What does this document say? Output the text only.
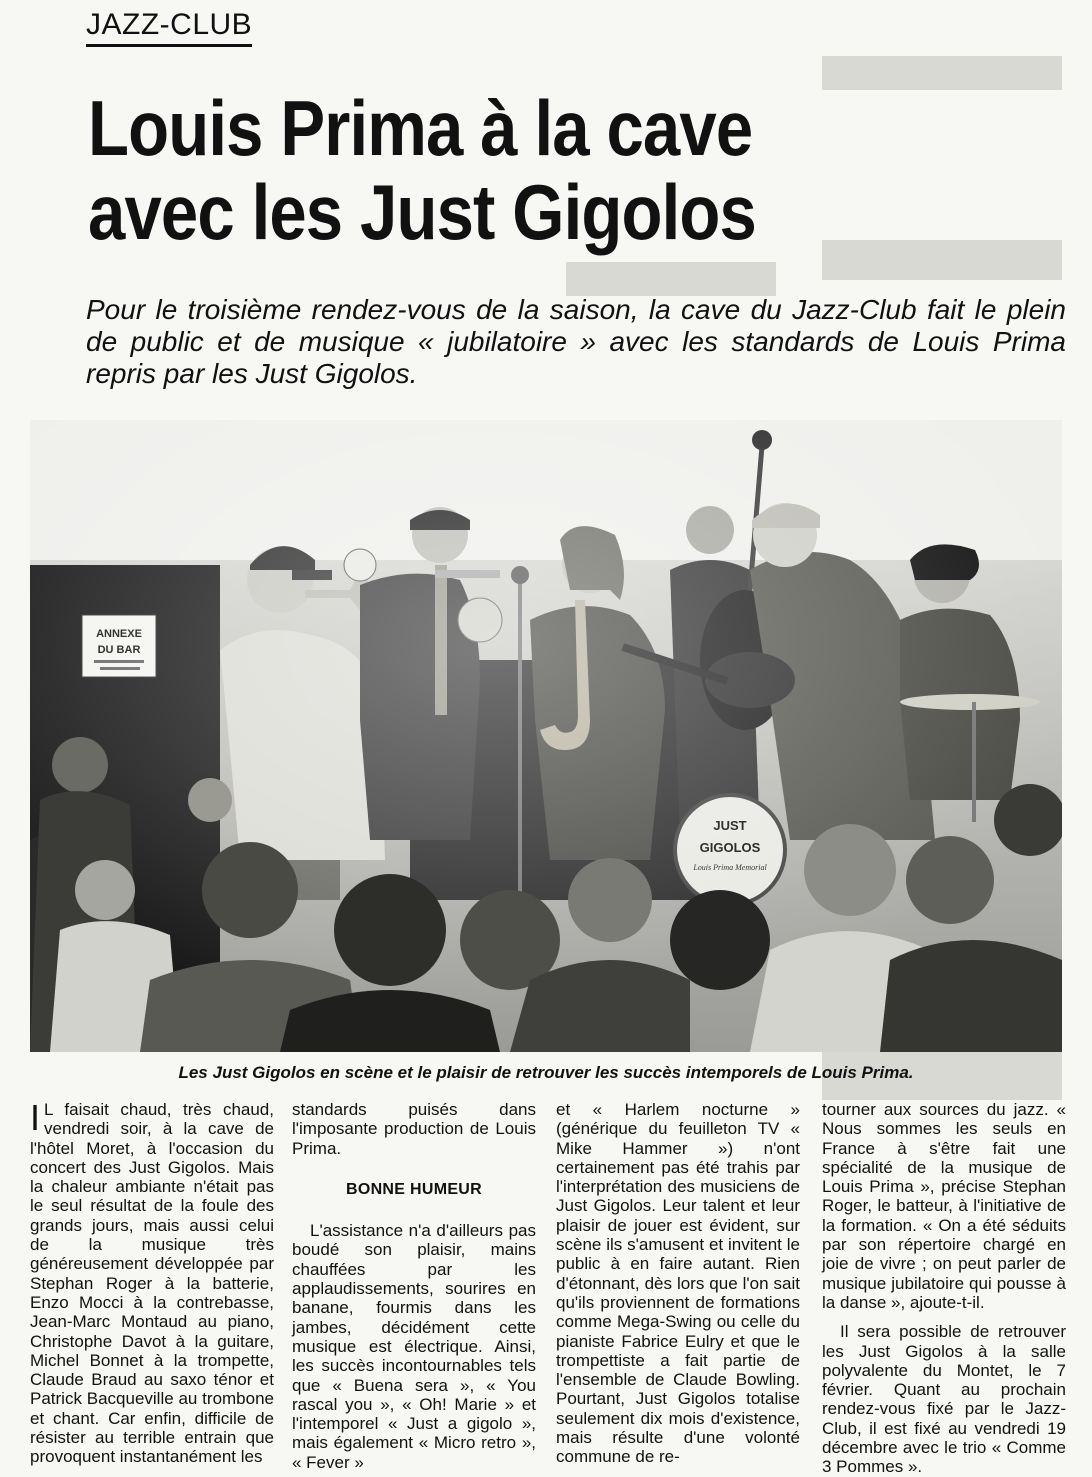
JAZZ-CLUB
Louis Prima à la cave
avec les Just Gigolos
Pour le troisième rendez-vous de la saison, la cave du Jazz-Club fait le plein de public et de musique « jubilatoire » avec les standards de Louis Prima repris par les Just Gigolos.
Les Just Gigolos en scène et le plaisir de retrouver les succès intemporels de Louis Prima.

I L faisait chaud, très chaud, vendredi soir, à la cave de l'hôtel Moret, à l'occasion du concert des Just Gigolos. Mais la chaleur ambiante n'était pas le seul résultat de la foule des grands jours, mais aussi celui de la musique très généreusement développée par Stephan Roger à la batterie, Enzo Mocci à la contrebasse, Jean-Marc Montaud au piano, Christophe Davot à la guitare, Michel Bonnet à la trompette, Claude Braud au saxo ténor et Patrick Bacqueville au trombone et chant. Car enfin, difficile de résister au terrible entrain que provoquent instantanément les

standards puisés dans l'imposante production de Louis Prima.

BONNE HUMEUR

L'assistance n'a d'ailleurs pas boudé son plaisir, mains chauffées par les applaudissements, sourires en banane, fourmis dans les jambes, décidément cette musique est électrique. Ainsi, les succès incontournables tels que « Buena sera », « You rascal you », « Oh! Marie » et l'intemporel « Just a gigolo », mais également « Micro retro », « Fever »

et « Harlem nocturne » (générique du feuilleton TV « Mike Hammer ») n'ont certainement pas été trahis par l'interprétation des musiciens de Just Gigolos. Leur talent et leur plaisir de jouer est évident, sur scène ils s'amusent et invitent le public à en faire autant. Rien d'étonnant, dès lors que l'on sait qu'ils proviennent de formations comme Mega-Swing ou celle du pianiste Fabrice Eulry et que le trompettiste a fait partie de l'ensemble de Claude Bowling. Pourtant, Just Gigolos totalise seulement dix mois d'existence, mais résulte d'une volonté commune de re-

tourner aux sources du jazz. « Nous sommes les seuls en France à s'être fait une spécialité de la musique de Louis Prima », précise Stephan Roger, le batteur, à l'initiative de la formation. « On a été séduits par son répertoire chargé en joie de vivre ; on peut parler de musique jubilatoire qui pousse à la danse », ajoute-t-il.

Il sera possible de retrouver les Just Gigolos à la salle polyvalente du Montet, le 7 février. Quant au prochain rendez-vous fixé par le Jazz-Club, il est fixé au vendredi 19 décembre avec le trio « Comme 3 Pommes ».
